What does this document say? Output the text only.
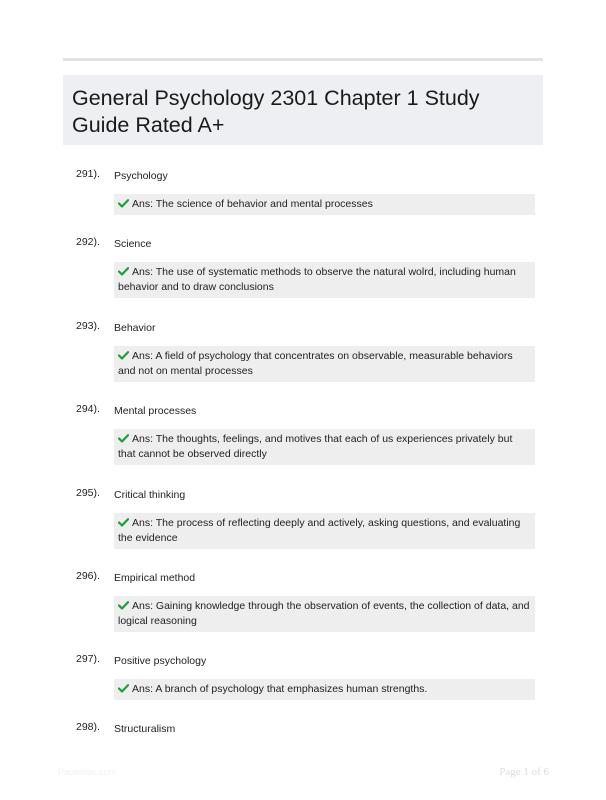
General Psychology 2301 Chapter 1 Study Guide Rated A+
291). Psychology
Ans: The science of behavior and mental processes
292). Science
Ans: The use of systematic methods to observe the natural wolrd, including human behavior and to draw conclusions
293). Behavior
Ans: A field of psychology that concentrates on observable, measurable behaviors and not on mental processes
294). Mental processes
Ans: The thoughts, feelings, and motives that each of us experiences privately but that cannot be observed directly
295). Critical thinking
Ans: The process of reflecting deeply and actively, asking questions, and evaluating the evidence
296). Empirical method
Ans: Gaining knowledge through the observation of events, the collection of data, and logical reasoning
297). Positive psychology
Ans: A branch of psychology that emphasizes human strengths.
298). Structuralism
Paperbbc.com	Page 1 of 6
